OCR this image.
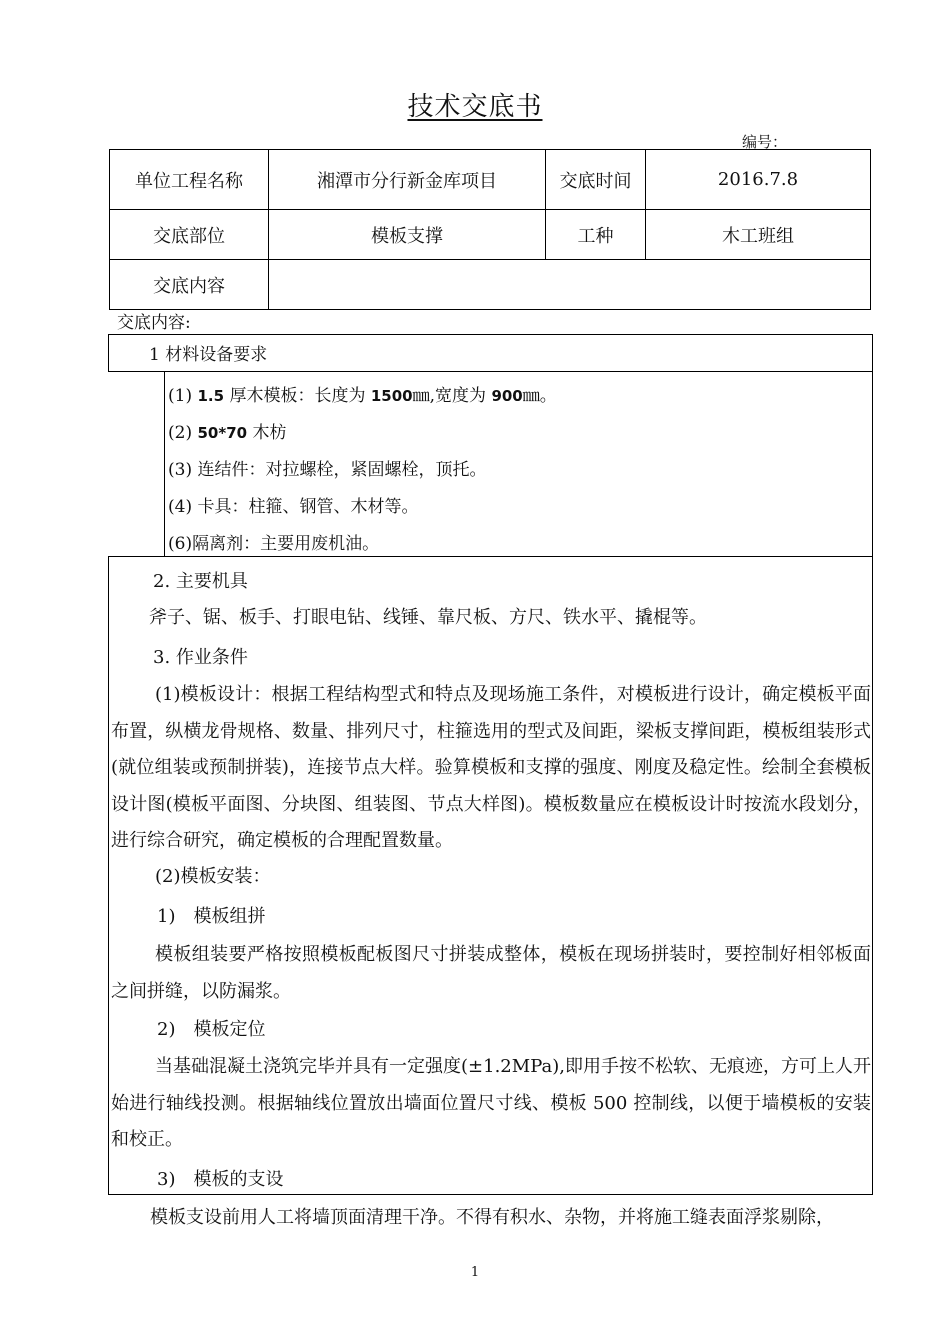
技术交底书
编号：
单位工程名称	湘潭市分行新金库项目	交底时间	2016.7.8
交底部位	模板支撑	工种	木工班组
交底内容			
交底内容:
1 材料设备要求
(1) 1.5 厚木模板：长度为 1500㎜,宽度为 900㎜。
(2) 50*70 木枋
(3) 连结件：对拉螺栓，紧固螺栓，顶托。
(4) 卡具：柱箍、钢管、木材等。
(6)隔离剂：主要用废机油。
2. 主要机具
斧子、锯、板手、打眼电钻、线锤、靠尺板、方尺、铁水平、撬棍等。
3. 作业条件
(1)模板设计：根据工程结构型式和特点及现场施工条件，对模板进行设计，确定模板平面布置，纵横龙骨规格、数量、排列尺寸，柱箍选用的型式及间距，梁板支撑间距，模板组装形式(就位组装或预制拼装)，连接节点大样。验算模板和支撑的强度、刚度及稳定性。绘制全套模板设计图(模板平面图、分块图、组装图、节点大样图)。模板数量应在模板设计时按流水段划分，进行综合研究，确定模板的合理配置数量。
(2)模板安装：
1)　模板组拼
模板组装要严格按照模板配板图尺寸拼装成整体，模板在现场拼装时，要控制好相邻板面之间拼缝，以防漏浆。
2)　模板定位
当基础混凝土浇筑完毕并具有一定强度(±1.2MPa),即用手按不松软、无痕迹，方可上人开始进行轴线投测。根据轴线位置放出墙面位置尺寸线、模板 500 控制线，以便于墙模板的安装和校正。
3)　模板的支设
模板支设前用人工将墙顶面清理干净。不得有积水、杂物，并将施工缝表面浮浆剔除，
1
